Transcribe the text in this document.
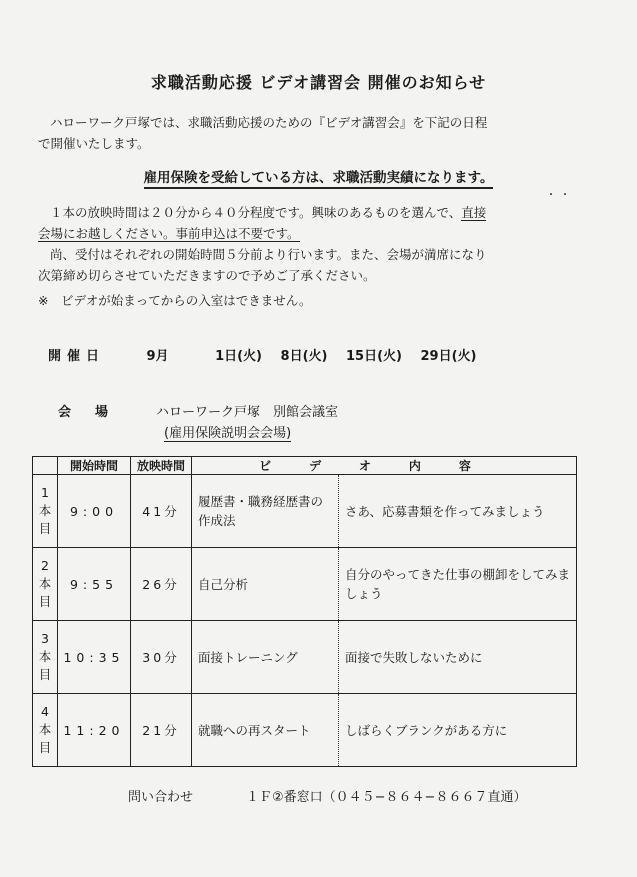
求職活動応援 ビデオ講習会 開催のお知らせ
ハローワーク戸塚では、求職活動応援のための『ビデオ講習会』を下記の日程
で開催いたします。
雇用保険を受給している方は、求職活動実績になります。
・・
１本の放映時間は２０分から４０分程度です。興味のあるものを選んで、直接
会場にお越しください。事前申込は不要です。
尚、受付はそれぞれの開始時間５分前より行います。また、会場が満席になり
次第締め切らさせていただきますので予めご了承ください。
※　ビデオが始まってからの入室はできません。
開催日	9月	1日(火) 8日(火) 15日(火) 29日(火)
会場 ハローワーク戸塚　別館会議室
(雇用保険説明会会場)
	開始時間	放映時間	ビデオ内容	
1
本
目	9:00	41分	履歴書・職務経歴書の作成法	さあ、応募書類を作ってみましょう
2
本
目	9:55	26分	自己分析	自分のやってきた仕事の棚卸をしてみましょう
3
本
目	10:35	30分	面接トレーニング	面接で失敗しないために
4
本
目	11:20	21分	就職への再スタート	しばらくブランクがある方に
問い合わせ	１Ｆ②番窓口（０４５−８６４−８６６７直通）
